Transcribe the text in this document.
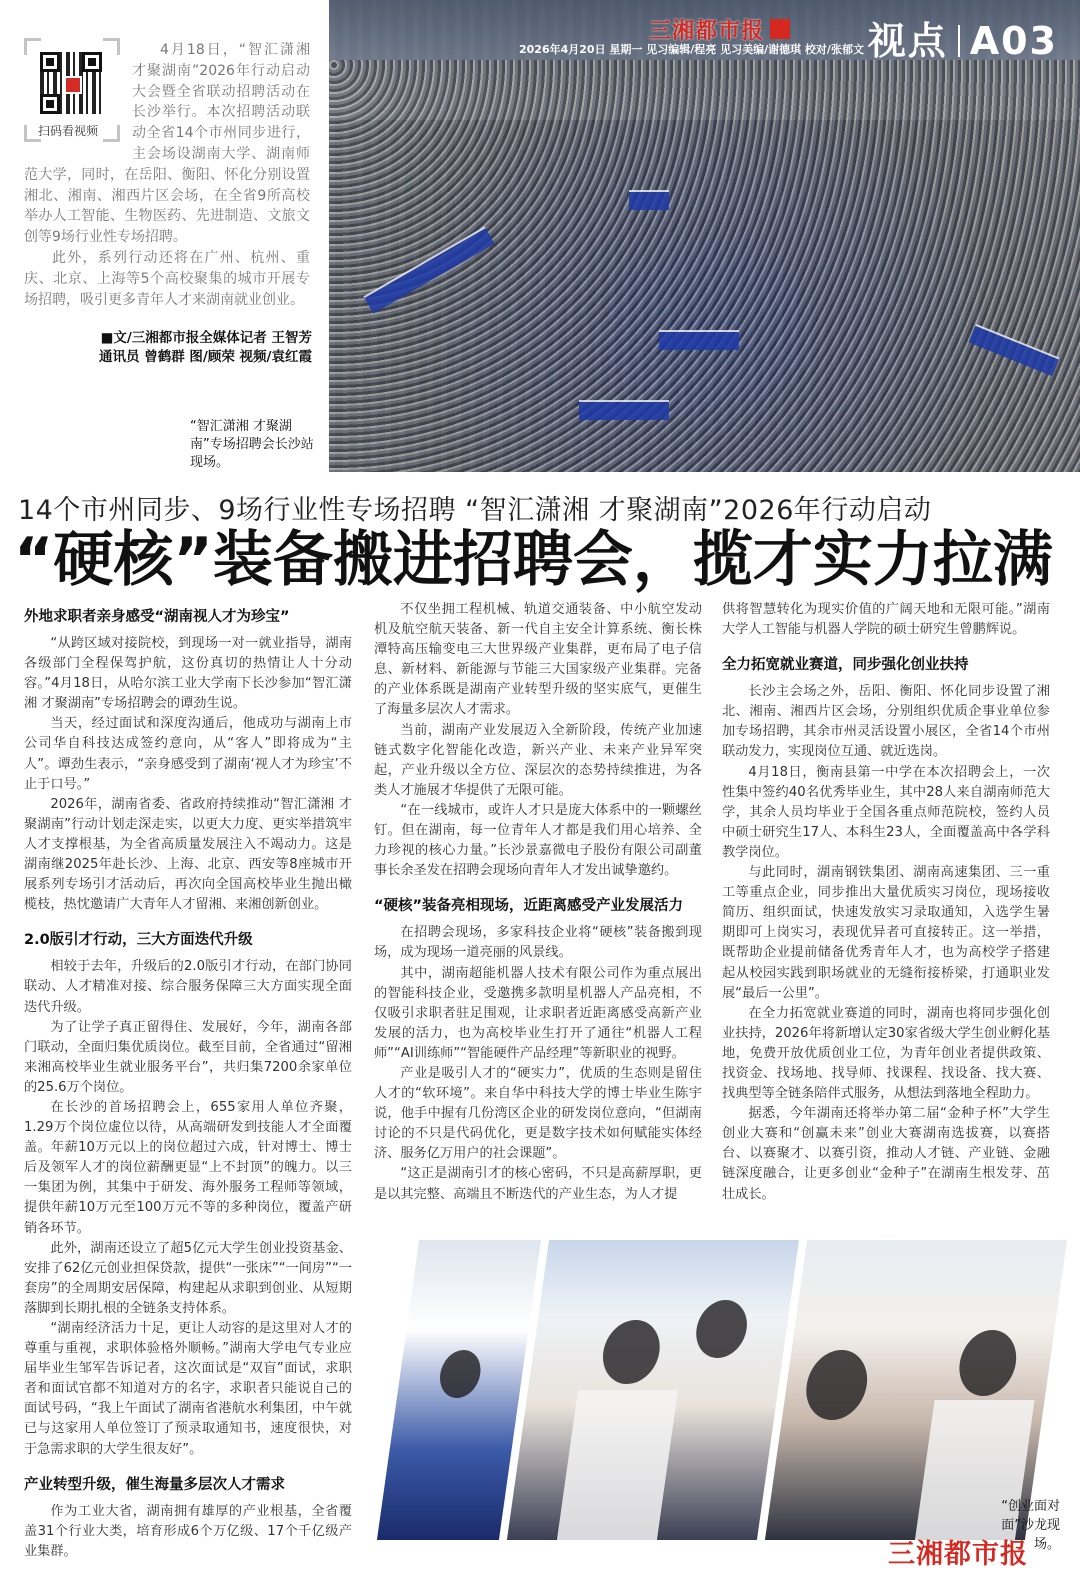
扫码看视频

4月18日，“智汇潇湘 才聚湖南”2026年行动启动大会暨全省联动招聘活动在长沙举行。本次招聘活动联动全省14个市州同步进行，主会场设湖南大学、湖南师范大学，同时，在岳阳、衡阳、怀化分别设置湘北、湘南、湘西片区会场，在全省9所高校举办人工智能、生物医药、先进制造、文旅文创等9场行业性专场招聘。

此外，系列行动还将在广州、杭州、重庆、北京、上海等5个高校聚集的城市开展专场招聘，吸引更多青年人才来湖南就业创业。

■文/三湘都市报全媒体记者 王智芳 通讯员 曾鹤群 图/顾荣 视频/袁红霞
“智汇潇湘 才聚湖南”专场招聘会长沙站现场。
三湘都市报
2026年4月20日 星期一 见习编辑/程亮 见习美编/谢德琪 校对/张郁文 视点 A03
14个市州同步、9场行业性专场招聘 “智汇潇湘 才聚湖南”2026年行动启动
“硬核”装备搬进招聘会，揽才实力拉满
外地求职者亲身感受“湖南视人才为珍宝”

“从跨区域对接院校，到现场一对一就业指导，湖南各级部门全程保驾护航，这份真切的热情让人十分动容。”4月18日，从哈尔滨工业大学南下长沙参加“智汇潇湘 才聚湖南”专场招聘会的谭劲生说。

当天，经过面试和深度沟通后，他成功与湖南上市公司华自科技达成签约意向，从“客人”即将成为“主人”。谭劲生表示，“亲身感受到了湖南‘视人才为珍宝’不止于口号。”

2026年，湖南省委、省政府持续推动“智汇潇湘 才聚湖南”行动计划走深走实，以更大力度、更实举措筑牢人才支撑根基，为全省高质量发展注入不竭动力。这是湖南继2025年赴长沙、上海、北京、西安等8座城市开展系列专场引才活动后，再次向全国高校毕业生抛出橄榄枝，热忱邀请广大青年人才留湘、来湘创新创业。

2.0版引才行动，三大方面迭代升级

相较于去年，升级后的2.0版引才行动，在部门协同联动、人才精准对接、综合服务保障三大方面实现全面迭代升级。

为了让学子真正留得住、发展好，今年，湖南各部门联动，全面归集优质岗位。截至目前，全省通过“留湘来湘高校毕业生就业服务平台”，共归集7200余家单位的25.6万个岗位。

在长沙的首场招聘会上，655家用人单位齐聚，1.29万个岗位虚位以待，从高端研发到技能人才全面覆盖。年薪10万元以上的岗位超过六成，针对博士、博士后及领军人才的岗位薪酬更显“上不封顶”的魄力。以三一集团为例，其集中于研发、海外服务工程师等领域，提供年薪10万元至100万元不等的多种岗位，覆盖产研销各环节。

此外，湖南还设立了超5亿元大学生创业投资基金、安排了62亿元创业担保贷款，提供“一张床”“一间房”“一套房”的全周期安居保障，构建起从求职到创业、从短期落脚到长期扎根的全链条支持体系。

“湖南经济活力十足，更让人动容的是这里对人才的尊重与重视，求职体验格外顺畅。”湖南大学电气专业应届毕业生邹军告诉记者，这次面试是“双盲”面试，求职者和面试官都不知道对方的名字，求职者只能说自己的面试号码，“我上午面试了湖南省港航水利集团，中午就已与这家用人单位签订了预录取通知书，速度很快，对于急需求职的大学生很友好”。

产业转型升级，催生海量多层次人才需求

作为工业大省，湖南拥有雄厚的产业根基，全省覆盖31个行业大类，培育形成6个万亿级、17个千亿级产业集群。

不仅坐拥工程机械、轨道交通装备、中小航空发动机及航空航天装备、新一代自主安全计算系统、衡长株潭特高压输变电三大世界级产业集群，更布局了电子信息、新材料、新能源与节能三大国家级产业集群。完备的产业体系既是湖南产业转型升级的坚实底气，更催生了海量多层次人才需求。

当前，湖南产业发展迈入全新阶段，传统产业加速链式数字化智能化改造，新兴产业、未来产业异军突起，产业升级以全方位、深层次的态势持续推进，为各类人才施展才华提供了无限可能。

“在一线城市，或许人才只是庞大体系中的一颗螺丝钉。但在湖南，每一位青年人才都是我们用心培养、全力珍视的核心力量。”长沙景嘉微电子股份有限公司副董事长余圣发在招聘会现场向青年人才发出诚挚邀约。

“硬核”装备亮相现场，近距离感受产业发展活力

在招聘会现场，多家科技企业将“硬核”装备搬到现场，成为现场一道亮丽的风景线。

其中，湖南超能机器人技术有限公司作为重点展出的智能科技企业，受邀携多款明星机器人产品亮相，不仅吸引求职者驻足围观，让求职者近距离感受高新产业发展的活力，也为高校毕业生打开了通往“机器人工程师”“AI训练师”“智能硬件产品经理”等新职业的视野。

产业是吸引人才的“硬实力”，优质的生态则是留住人才的“软环境”。来自华中科技大学的博士毕业生陈宇说，他手中握有几份湾区企业的研发岗位意向，“但湖南讨论的不只是代码优化，更是数字技术如何赋能实体经济、服务亿万用户的社会课题”。

“这正是湖南引才的核心密码，不只是高薪厚职，更是以其完整、高端且不断迭代的产业生态，为人才提

供将智慧转化为现实价值的广阔天地和无限可能。”湖南大学人工智能与机器人学院的硕士研究生曾鹏辉说。

全力拓宽就业赛道，同步强化创业扶持

长沙主会场之外，岳阳、衡阳、怀化同步设置了湘北、湘南、湘西片区会场，分别组织优质企事业单位参加专场招聘，其余市州灵活设置小展区，全省14个市州联动发力，实现岗位互通、就近选岗。

4月18日，衡南县第一中学在本次招聘会上，一次性集中签约40名优秀毕业生，其中28人来自湖南师范大学，其余人员均毕业于全国各重点师范院校，签约人员中硕士研究生17人、本科生23人，全面覆盖高中各学科教学岗位。

与此同时，湖南钢铁集团、湖南高速集团、三一重工等重点企业，同步推出大量优质实习岗位，现场接收简历、组织面试，快速发放实习录取通知，入选学生暑期即可上岗实习，表现优异者可直接转正。这一举措，既帮助企业提前储备优秀青年人才，也为高校学子搭建起从校园实践到职场就业的无缝衔接桥梁，打通职业发展“最后一公里”。

在全力拓宽就业赛道的同时，湖南也将同步强化创业扶持，2026年将新增认定30家省级大学生创业孵化基地，免费开放优质创业工位，为青年创业者提供政策、找资金、找场地、找导师、找课程、找设备、找大赛、找典型等全链条陪伴式服务，从想法到落地全程助力。

据悉，今年湖南还将举办第二届“金种子杯”大学生创业大赛和“创赢未来”创业大赛湖南选拔赛，以赛搭台、以赛聚才、以赛引资，推动人才链、产业链、金融链深度融合，让更多创业“金种子”在湖南生根发芽、茁壮成长。

“创业面对面”沙龙现场。
三湘都市报
